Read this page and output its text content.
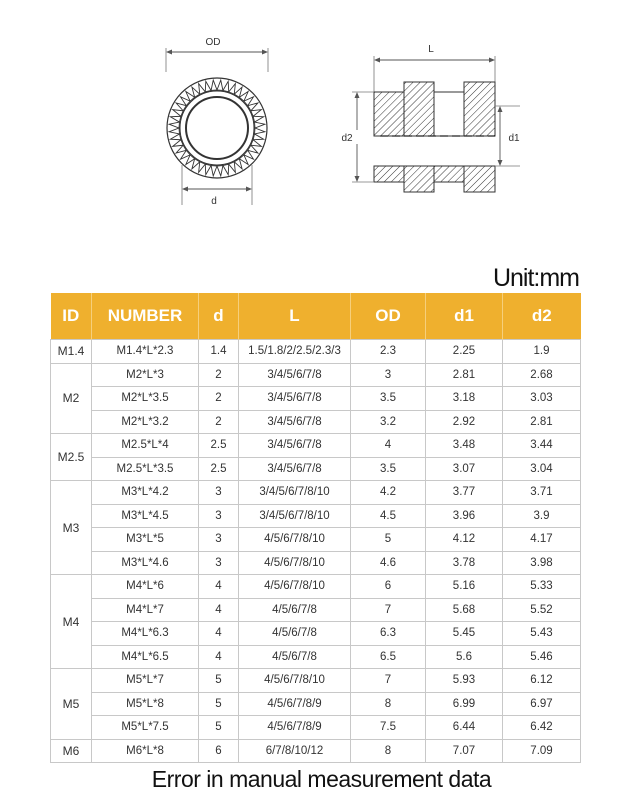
OD
d
L
d2	d1
Unit:mm
ID	NUMBER	d	L	OD	d1	d2
M1.4	M1.4*L*2.3	1.4	1.5/1.8/2/2.5/2.3/3	2.3	2.25	1.9
M2	M2*L*3	2	3/4/5/6/7/8	3	2.81	2.68
	M2*L*3.5	2	3/4/5/6/7/8	3.5	3.18	3.03
	M2*L*3.2	2	3/4/5/6/7/8	3.2	2.92	2.81
M2.5	M2.5*L*4	2.5	3/4/5/6/7/8	4	3.48	3.44
	M2.5*L*3.5	2.5	3/4/5/6/7/8	3.5	3.07	3.04
M3	M3*L*4.2	3	3/4/5/6/7/8/10	4.2	3.77	3.71
	M3*L*4.5	3	3/4/5/6/7/8/10	4.5	3.96	3.9
	M3*L*5	3	4/5/6/7/8/10	5	4.12	4.17
	M3*L*4.6	3	4/5/6/7/8/10	4.6	3.78	3.98
M4	M4*L*6	4	4/5/6/7/8/10	6	5.16	5.33
	M4*L*7	4	4/5/6/7/8	7	5.68	5.52
	M4*L*6.3	4	4/5/6/7/8	6.3	5.45	5.43
	M4*L*6.5	4	4/5/6/7/8	6.5	5.6	5.46
M5	M5*L*7	5	4/5/6/7/8/10	7	5.93	6.12
	M5*L*8	5	4/5/6/7/8/9	8	6.99	6.97
	M5*L*7.5	5	4/5/6/7/8/9	7.5	6.44	6.42
M6	M6*L*8	6	6/7/8/10/12	8	7.07	7.09
Error in manual measurement data
